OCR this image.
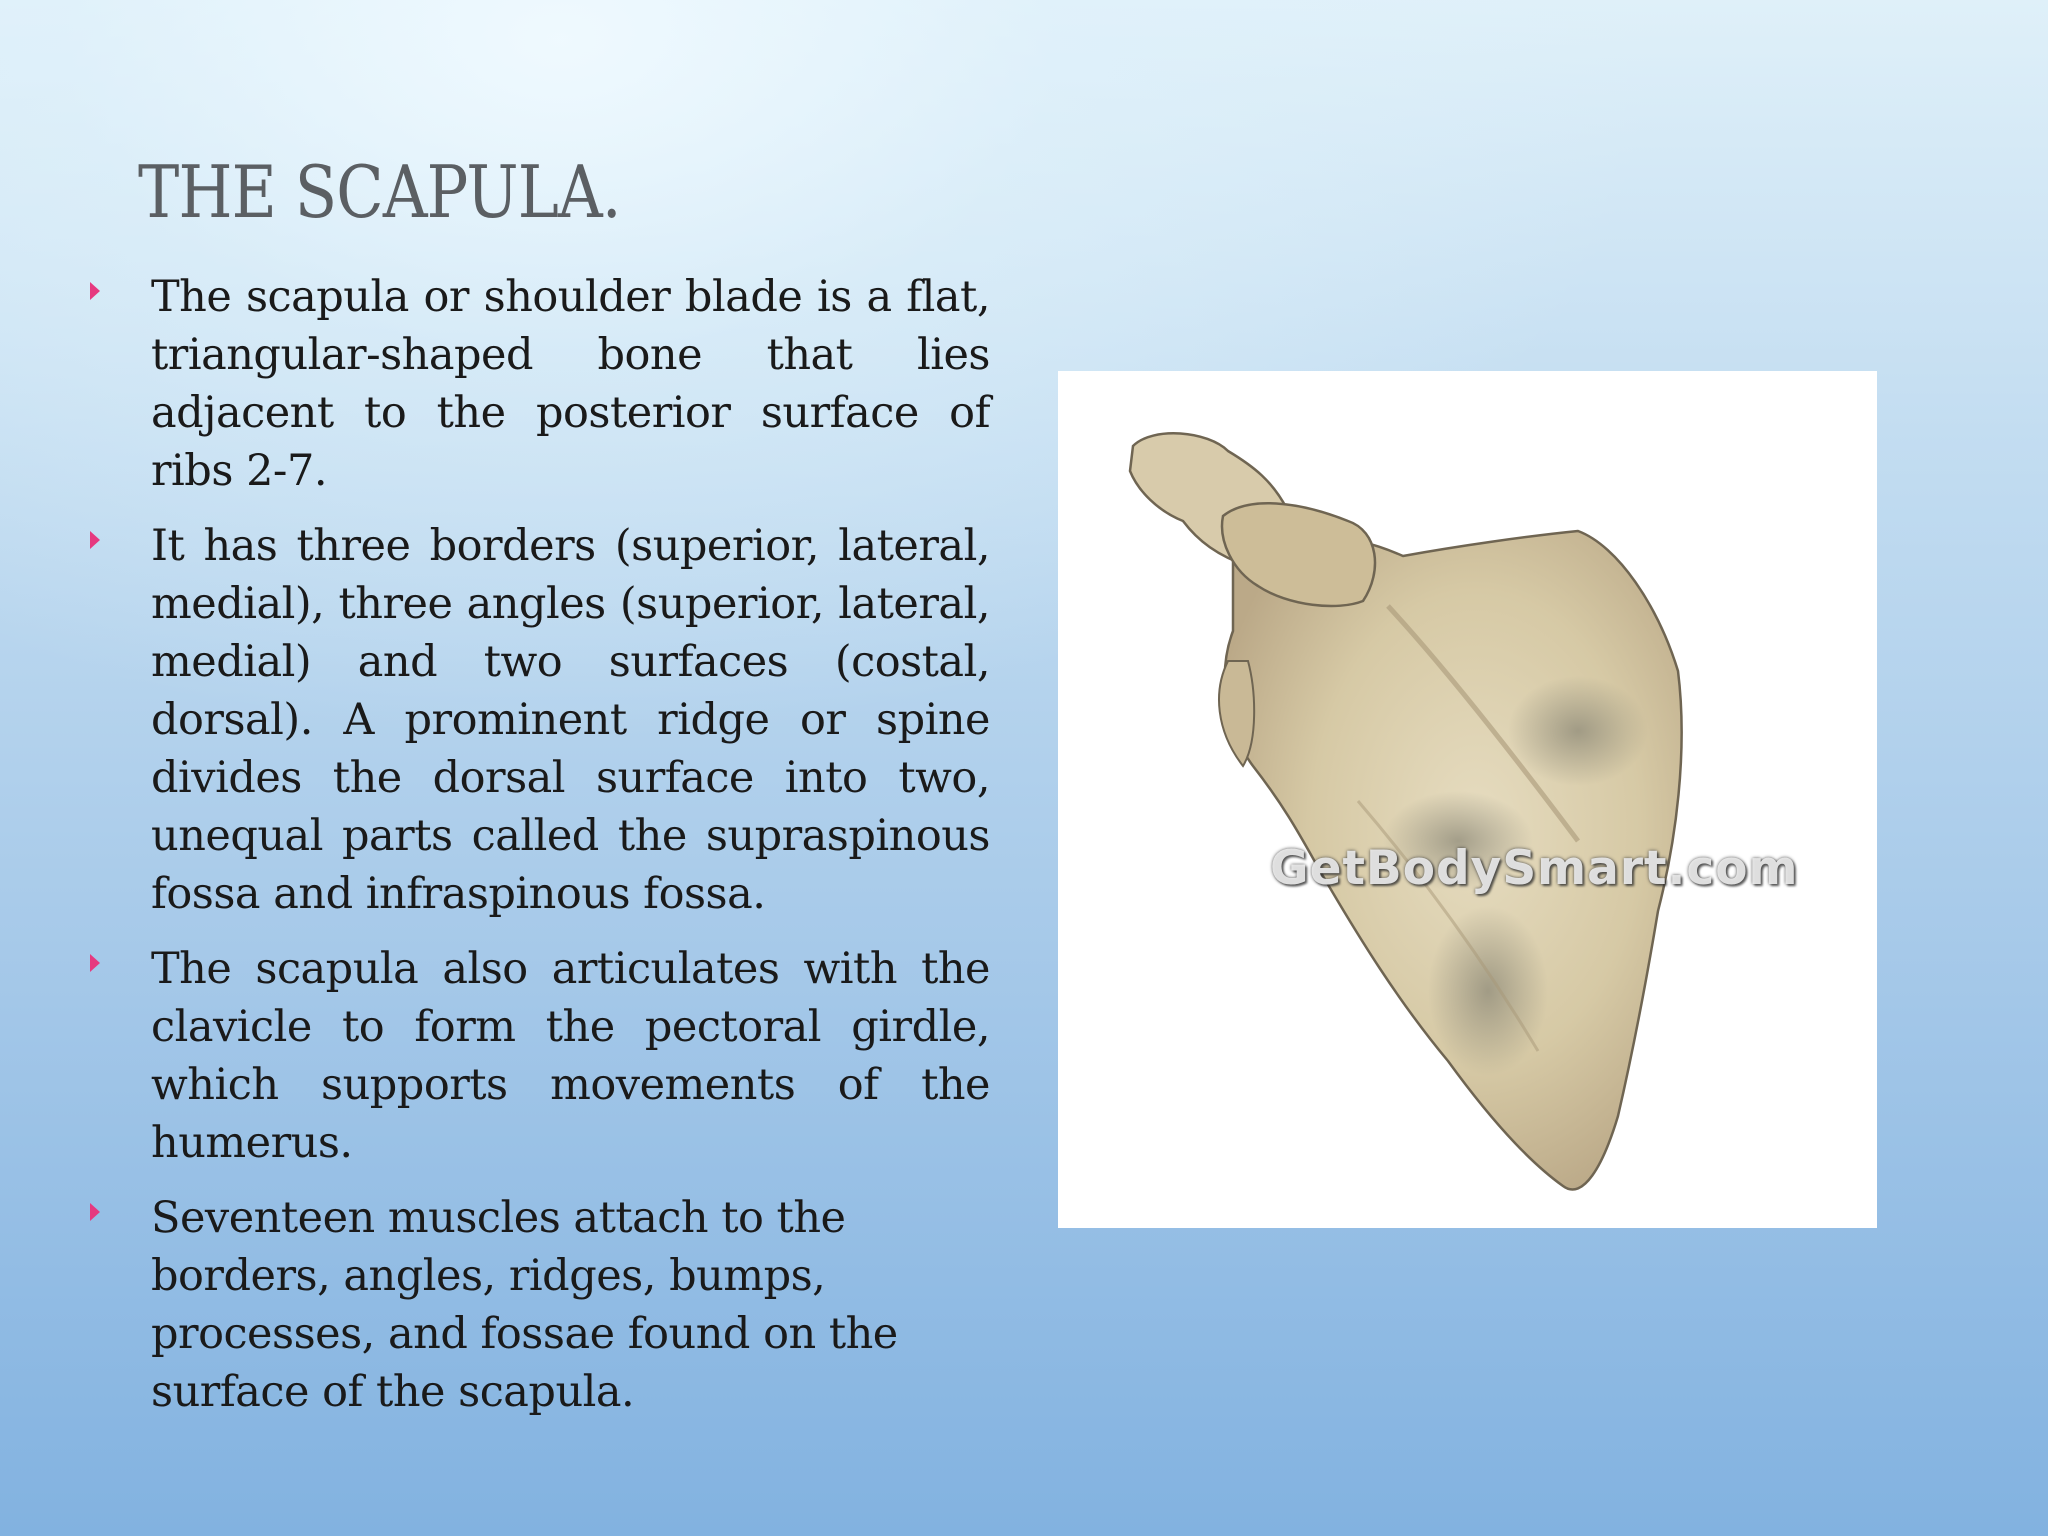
THE SCAPULA.

The scapula or shoulder blade is a flat, triangular-shaped bone that lies adjacent to the posterior surface of ribs 2-7.

It has three borders (superior, lateral, medial), three angles (superior, lateral, medial) and two surfaces (costal, dorsal). A prominent ridge or spine divides the dorsal surface into two, unequal parts called the supraspinous fossa and infraspinous fossa.

The scapula also articulates with the clavicle to form the pectoral girdle, which supports movements of the humerus.

Seventeen muscles attach to the borders, angles, ridges, bumps, processes, and fossae found on the surface of the scapula.

GetBodySmart.com
